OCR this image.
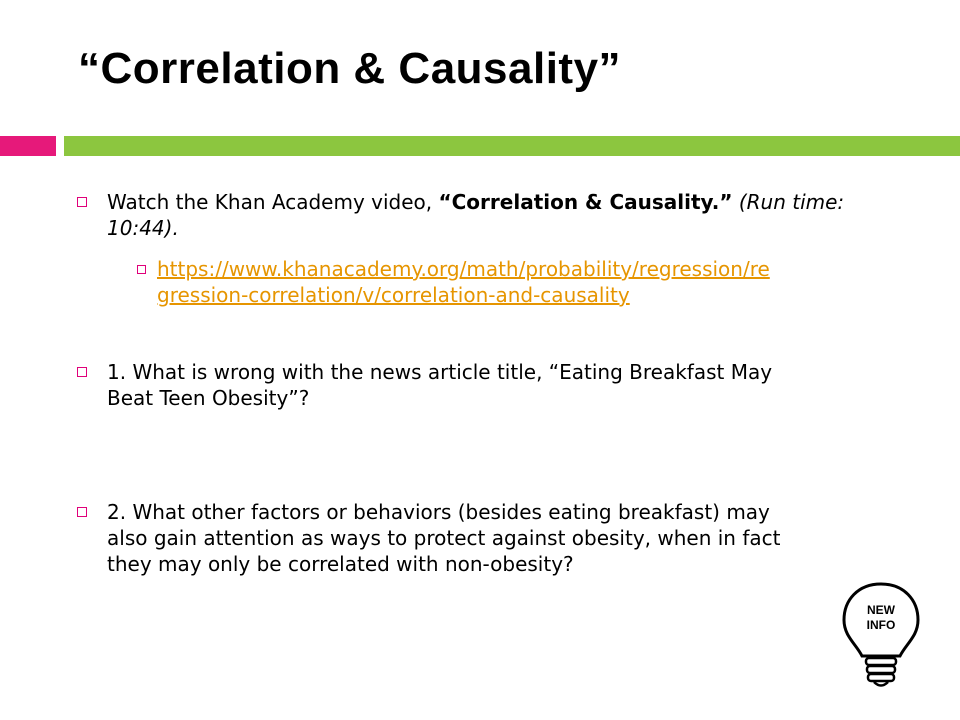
“Correlation & Causality”
Watch the Khan Academy video, “Correlation & Causality.” (Run time: 10:44).
https://www.khanacademy.org/math/probability/regression/re
gression-correlation/v/correlation-and-causality
1. What is wrong with the news article title, “Eating Breakfast May
Beat Teen Obesity”?
2. What other factors or behaviors (besides eating breakfast) may
also gain attention as ways to protect against obesity, when in fact
they may only be correlated with non-obesity?
NEW
INFO
